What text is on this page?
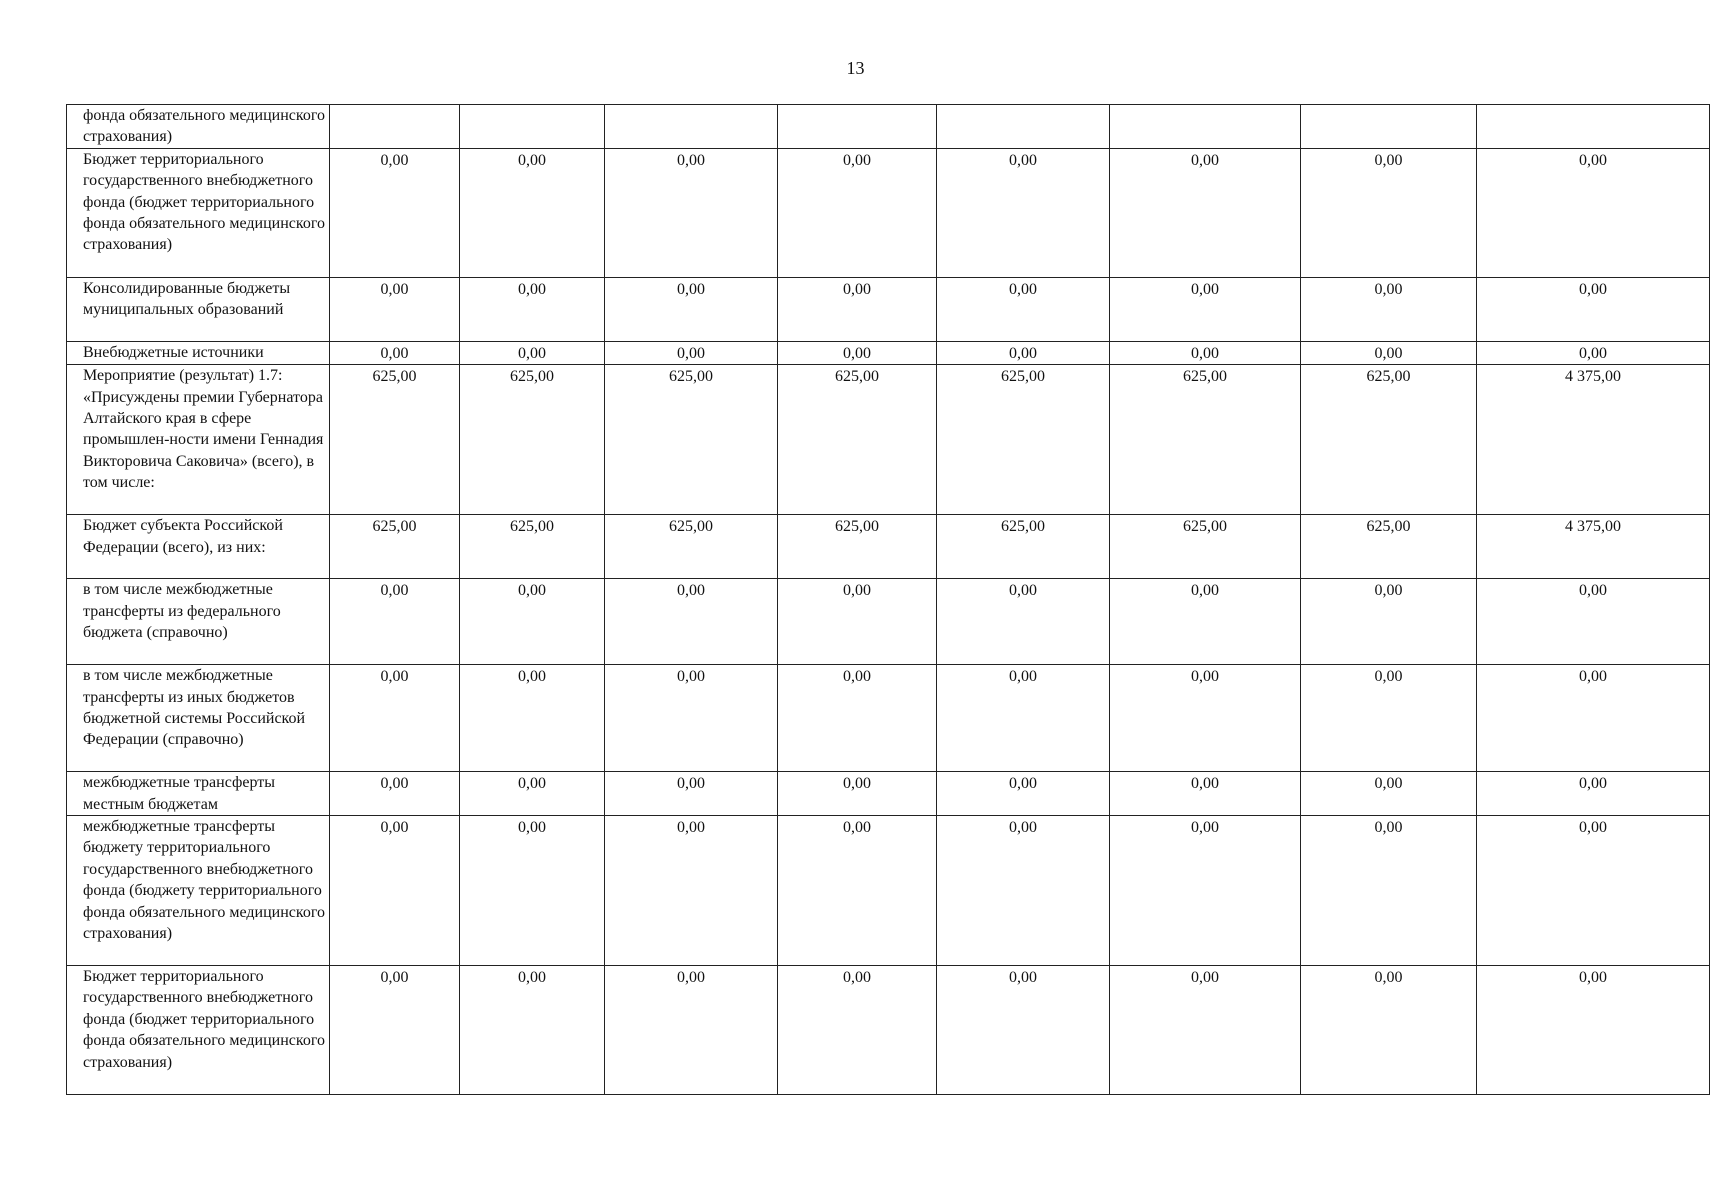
13
фонда обязательного медицинского страхования)								
Бюджет территориального государственного внебюджетного фонда (бюджет территориального фонда обязательного медицинского страхования)	0,00	0,00	0,00	0,00	0,00	0,00	0,00	0,00
Консолидированные бюджеты муниципальных образований	0,00	0,00	0,00	0,00	0,00	0,00	0,00	0,00
Внебюджетные источники	0,00	0,00	0,00	0,00	0,00	0,00	0,00	0,00
Мероприятие (результат) 1.7: «Присуждены премии Губернатора Алтайского края в сфере промышлен-ности имени Геннадия Викторовича Саковича» (всего), в том числе:	625,00	625,00	625,00	625,00	625,00	625,00	625,00	4 375,00
Бюджет субъекта Российской Федерации (всего), из них:	625,00	625,00	625,00	625,00	625,00	625,00	625,00	4 375,00
в том числе межбюджетные трансферты из федерального бюджета (справочно)	0,00	0,00	0,00	0,00	0,00	0,00	0,00	0,00
в том числе межбюджетные трансферты из иных бюджетов бюджетной системы Российской Федерации (справочно)	0,00	0,00	0,00	0,00	0,00	0,00	0,00	0,00
межбюджетные трансферты местным бюджетам	0,00	0,00	0,00	0,00	0,00	0,00	0,00	0,00
межбюджетные трансферты бюджету территориального государственного внебюджетного фонда (бюджету территориального фонда обязательного медицинского страхования)	0,00	0,00	0,00	0,00	0,00	0,00	0,00	0,00
Бюджет территориального государственного внебюджетного фонда (бюджет территориального фонда обязательного медицинского страхования)	0,00	0,00	0,00	0,00	0,00	0,00	0,00	0,00
